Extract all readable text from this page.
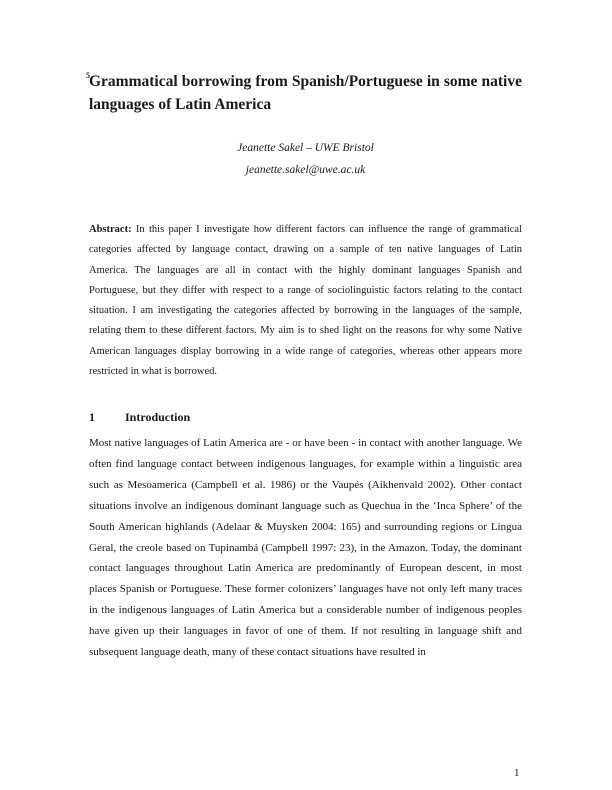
5 Grammatical borrowing from Spanish/Portuguese in some native languages of Latin America
Jeanette Sakel – UWE Bristol
jeanette.sakel@uwe.ac.uk
Abstract: In this paper I investigate how different factors can influence the range of grammatical categories affected by language contact, drawing on a sample of ten native languages of Latin America. The languages are all in contact with the highly dominant languages Spanish and Portuguese, but they differ with respect to a range of sociolinguistic factors relating to the contact situation. I am investigating the categories affected by borrowing in the languages of the sample, relating them to these different factors. My aim is to shed light on the reasons for why some Native American languages display borrowing in a wide range of categories, whereas other appears more restricted in what is borrowed.
1	Introduction
Most native languages of Latin America are - or have been - in contact with another language. We often find language contact between indigenous languages, for example within a linguistic area such as Mesoamerica (Campbell et al. 1986) or the Vaupés (Aikhenvald 2002). Other contact situations involve an indigenous dominant language such as Quechua in the ‘Inca Sphere’ of the South American highlands (Adelaar & Muysken 2004: 165) and surrounding regions or Lingua Geral, the creole based on Tupinambá (Campbell 1997: 23), in the Amazon. Today, the dominant contact languages throughout Latin America are predominantly of European descent, in most places Spanish or Portuguese. These former colonizers’ languages have not only left many traces in the indigenous languages of Latin America but a considerable number of indigenous peoples have given up their languages in favor of one of them. If not resulting in language shift and subsequent language death, many of these contact situations have resulted in
1
